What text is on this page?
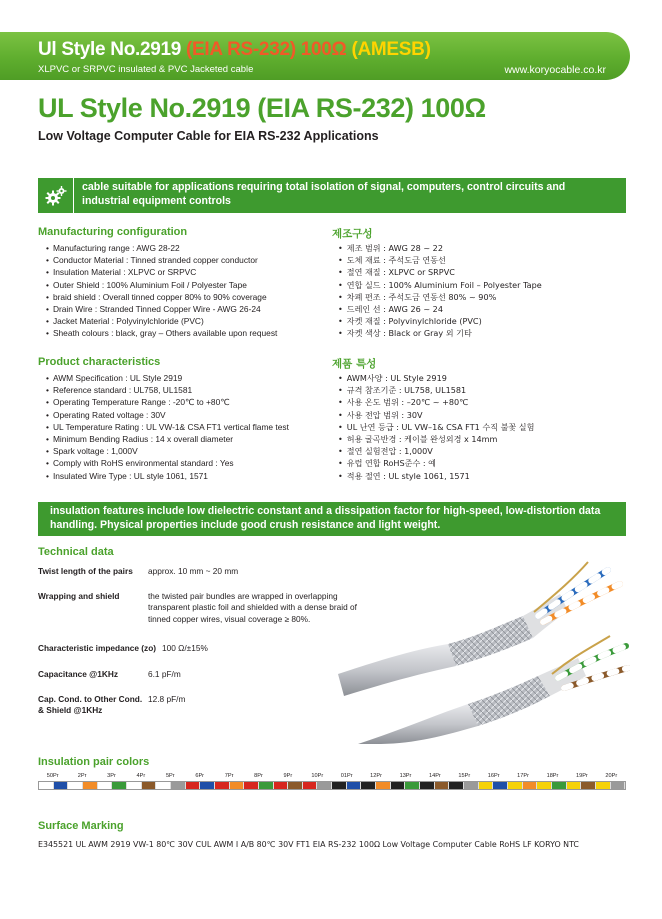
Ul Style No.2919 (EIA RS-232) 100Ω (AMESB)
XLPVC or SRPVC insulated & PVC Jacketed cable	www.koryocable.co.kr
UL Style No.2919 (EIA RS-232) 100Ω
Low Voltage Computer Cable for EIA RS-232 Applications
cable suitable for applications requiring total isolation of signal, computers, control circuits and industrial equipment controls
Manufacturing configuration
• Manufacturing range : AWG 28-22
• Conductor Material : Tinned stranded copper conductor
• Insulation Material : XLPVC or SRPVC
• Outer Shield : 100% Aluminium Foil / Polyester Tape
• braid shield : Overall tinned copper 80% to 90% coverage
• Drain Wire : Stranded Tinned Copper Wire - AWG 26-24
• Jacket Material : Polyvinylchloride (PVC)
• Sheath colours : black, gray – Others available upon request
제조구성
• 제조 범위 : AWG 28 ~ 22
• 도체 재료 : 주석도금 연동선
• 절연 재질 : XLPVC or SRPVC
• 연합 실드 : 100% Aluminium Foil – Polyester Tape
• 차폐 편조 : 주석도금 연동선 80% ~ 90%
• 드레인 선 : AWG 26 ~ 24
• 자켓 재질 : Polyvinylchloride (PVC)
• 자켓 색상 : Black or Gray 외 기타
Product characteristics
• AWM Specification : UL Style 2919
• Reference standard : UL758, UL1581
• Operating Temperature Range : -20℃ to +80℃
• Operating Rated voltage : 30V
• UL Temperature Rating : UL VW-1& CSA FT1 vertical flame test
• Minimum Bending Radius : 14 x overall diameter
• Spark voltage : 1,000V
• Comply with RoHS environmental standard : Yes
• Insulated Wire Type : UL style 1061, 1571
제품 특성
• AWM사양 : UL Style 2919
• 규격 참조기준 : UL758, UL1581
• 사용 온도 범위 : –20℃ ~ +80℃
• 사용 전압 범위 : 30V
• UL 난연 등급 : UL VW–1& CSA FT1 수직 불꽃 실험
• 허용 굴곡반경 : 케이블 완성외경 x 14mm
• 절연 실험전압 : 1,000V
• 유럽 연합 RoHS준수 : 예
• 적용 절연 : UL style 1061, 1571
insulation features include low dielectric constant and a dissipation factor for high-speed, low-distortion data handling. Physical properties include good crush resistance and light weight.
Technical data
Twist length of the pairs	approx. 10 mm ~ 20 mm
Wrapping and shield	the twisted pair bundles are wrapped in overlapping transparent plastic foil and shielded with a dense braid of tinned copper wires, visual coverage ≥ 80%.
Characteristic impedance (zo) 100 Ω/±15%
Capacitance @1KHz	6.1 pF/m
Cap. Cond. to Other Cond. & Shield @1KHz
12.8 pF/m
Insulation pair colors
50Pr	2Pr	3Pr	4Pr	5Pr	6Pr	7Pr	8Pr	9Pr	10Pr	01Pr	12Pr	13Pr	14Pr	15Pr	16Pr	17Pr	18Pr	19Pr	20Pr
Surface Marking
E345521 UL AWM 2919 VW-1 80℃ 30V CUL AWM I A/B 80℃ 30V FT1 EIA RS-232 100Ω Low Voltage Computer Cable RoHS LF KORYO NTC
